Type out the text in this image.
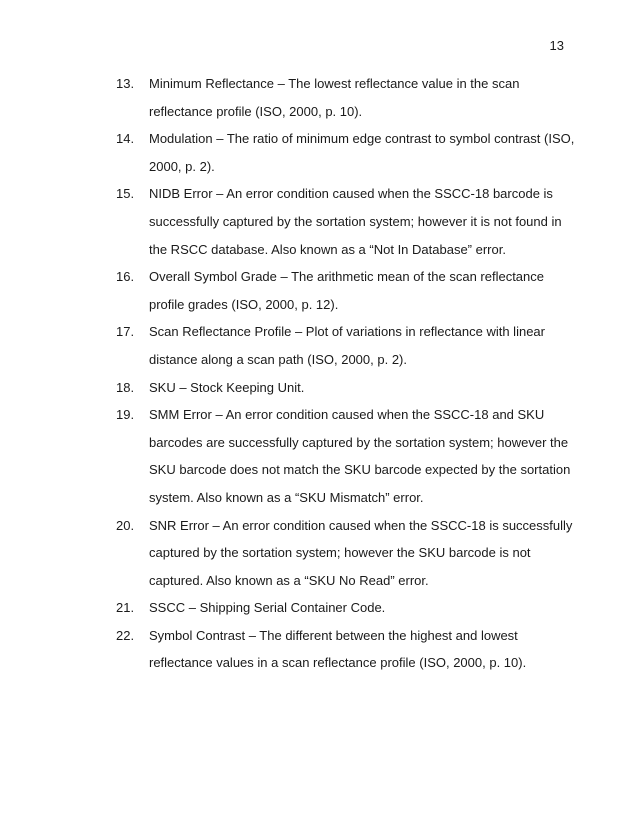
13
13.	Minimum Reflectance – The lowest reflectance value in the scan
reflectance profile (ISO, 2000, p. 10).
14.	Modulation – The ratio of minimum edge contrast to symbol contrast (ISO,
2000, p. 2).
15.	NIDB Error – An error condition caused when the SSCC-18 barcode is
successfully captured by the sortation system; however it is not found in
the RSCC database. Also known as a “Not In Database” error.
16.	Overall Symbol Grade – The arithmetic mean of the scan reflectance
profile grades (ISO, 2000, p. 12).
17.	Scan Reflectance Profile – Plot of variations in reflectance with linear
distance along a scan path (ISO, 2000, p. 2).
18.	SKU – Stock Keeping Unit.
19.	SMM Error – An error condition caused when the SSCC-18 and SKU
barcodes are successfully captured by the sortation system; however the
SKU barcode does not match the SKU barcode expected by the sortation
system. Also known as a “SKU Mismatch” error.
20.	SNR Error – An error condition caused when the SSCC-18 is successfully
captured by the sortation system; however the SKU barcode is not
captured. Also known as a “SKU No Read” error.
21.	SSCC – Shipping Serial Container Code.
22.	Symbol Contrast – The different between the highest and lowest
reflectance values in a scan reflectance profile (ISO, 2000, p. 10).
